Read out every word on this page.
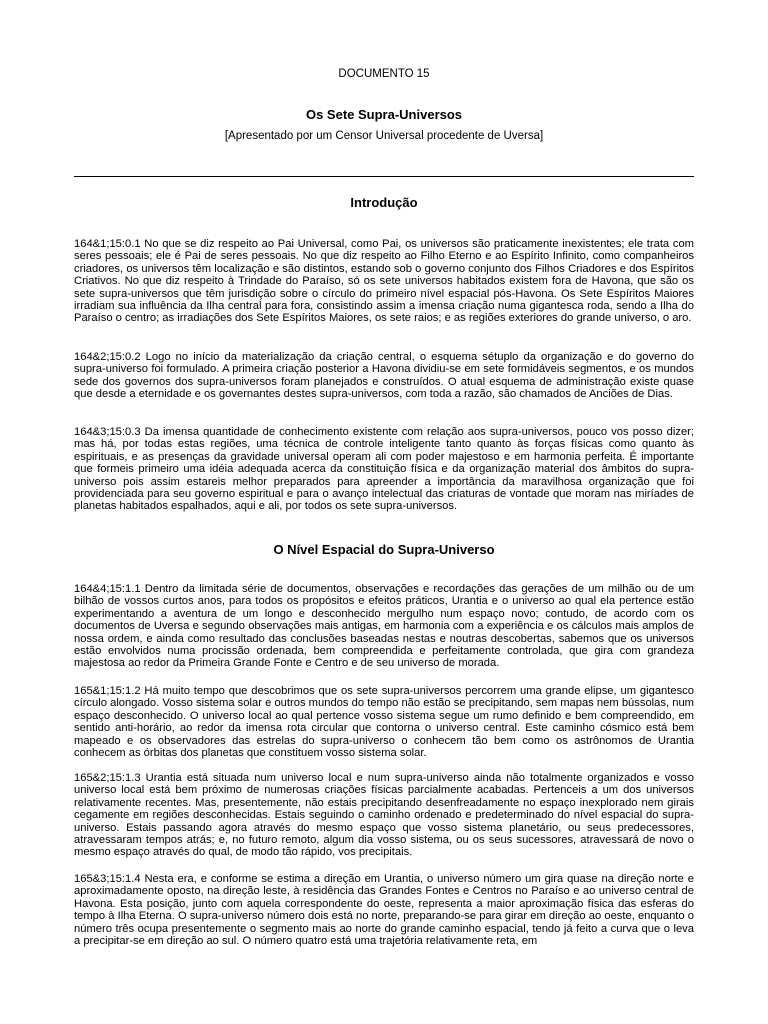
DOCUMENTO 15
Os Sete Supra-Universos
[Apresentado por um Censor Universal procedente de Uversa]
Introdução
164&1;15:0.1 No que se diz respeito ao Pai Universal, como Pai, os universos são praticamente inexistentes; ele trata com seres pessoais; ele é Pai de seres pessoais. No que diz respeito ao Filho Eterno e ao Espírito Infinito, como companheiros criadores, os universos têm localização e são distintos, estando sob o governo conjunto dos Filhos Criadores e dos Espíritos Criativos. No que diz respeito à Trindade do Paraíso, só os sete universos habitados existem fora de Havona, que são os sete supra-universos que têm jurisdição sobre o círculo do primeiro nível espacial pós-Havona. Os Sete Espíritos Maiores irradiam sua influência da Ilha central para fora, consistindo assim a imensa criação numa gigantesca roda, sendo a Ilha do Paraíso o centro; as irradiações dos Sete Espíritos Maiores, os sete raios; e as regiões exteriores do grande universo, o aro.
164&2;15:0.2 Logo no início da materialização da criação central, o esquema sétuplo da organização e do governo do supra-universo foi formulado. A primeira criação posterior a Havona dividiu-se em sete formidáveis segmentos, e os mundos sede dos governos dos supra-universos foram planejados e construídos. O atual esquema de administração existe quase que desde a eternidade e os governantes destes supra-universos, com toda a razão, são chamados de Anciões de Dias.
164&3;15:0.3 Da imensa quantidade de conhecimento existente com relação aos supra-universos, pouco vos posso dizer; mas há, por todas estas regiões, uma técnica de controle inteligente tanto quanto às forças físicas como quanto às espirituais, e as presenças da gravidade universal operam ali com poder majestoso e em harmonia perfeita. É importante que formeis primeiro uma idéia adequada acerca da constituição física e da organização material dos âmbitos do supra-universo pois assim estareis melhor preparados para apreender a importância da maravilhosa organização que foi providenciada para seu governo espiritual e para o avanço intelectual das criaturas de vontade que moram nas miríades de planetas habitados espalhados, aqui e ali, por todos os sete supra-universos.
O Nível Espacial do Supra-Universo
164&4;15:1.1 Dentro da limitada série de documentos, observações e recordações das gerações de um milhão ou de um bilhão de vossos curtos anos, para todos os propósitos e efeitos práticos, Urantia e o universo ao qual ela pertence estão experimentando a aventura de um longo e desconhecido mergulho num espaço novo; contudo, de acordo com os documentos de Uversa e segundo observações mais antigas, em harmonia com a experiência e os cálculos mais amplos de nossa ordem, e ainda como resultado das conclusões baseadas nestas e noutras descobertas, sabemos que os universos estão envolvidos numa procissão ordenada, bem compreendida e perfeitamente controlada, que gira com grandeza majestosa ao redor da Primeira Grande Fonte e Centro e de seu universo de morada.
165&1;15:1.2 Há muito tempo que descobrimos que os sete supra-universos percorrem uma grande elipse, um gigantesco círculo alongado. Vosso sistema solar e outros mundos do tempo não estão se precipitando, sem mapas nem bússolas, num espaço desconhecido. O universo local ao qual pertence vosso sistema segue um rumo definido e bem compreendido, em sentido anti-horário, ao redor da imensa rota circular que contorna o universo central. Este caminho cósmico está bem mapeado e os observadores das estrelas do supra-universo o conhecem tão bem como os astrônomos de Urantia conhecem as órbitas dos planetas que constituem vosso sistema solar.
165&2;15:1.3 Urantia está situada num universo local e num supra-universo ainda não totalmente organizados e vosso universo local está bem próximo de numerosas criações físicas parcialmente acabadas. Pertenceis a um dos universos relativamente recentes. Mas, presentemente, não estais precipitando desenfreadamente no espaço inexplorado nem girais cegamente em regiões desconhecidas. Estais seguindo o caminho ordenado e predeterminado do nível espacial do supra-universo. Estais passando agora através do mesmo espaço que vosso sistema planetário, ou seus predecessores, atravessaram tempos atrás; e, no futuro remoto, algum dia vosso sistema, ou os seus sucessores, atravessará de novo o mesmo espaço através do qual, de modo tão rápido, vos precipitais.
165&3;15:1.4 Nesta era, e conforme se estima a direção em Urantia, o universo número um gira quase na direção norte e aproximadamente oposto, na direção leste, à residência das Grandes Fontes e Centros no Paraíso e ao universo central de Havona. Esta posição, junto com aquela correspondente do oeste, representa a maior aproximação física das esferas do tempo à Ilha Eterna. O supra-universo número dois está no norte, preparando-se para girar em direção ao oeste, enquanto o número três ocupa presentemente o segmento mais ao norte do grande caminho espacial, tendo já feito a curva que o leva a precipitar-se em direção ao sul. O número quatro está uma trajetória relativamente reta, em
